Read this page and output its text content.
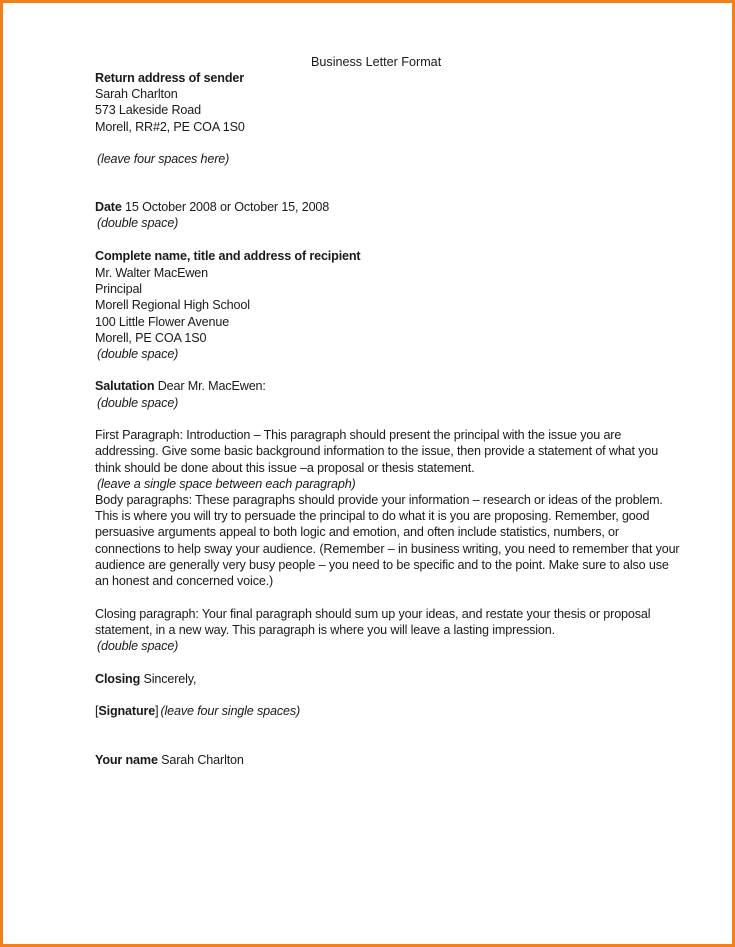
Business Letter Format
Return address of sender
Sarah Charlton
573 Lakeside Road
Morell, RR#2, PE COA 1S0
(leave four spaces here)
Date 15 October 2008 or October 15, 2008
(double space)
Complete name, title and address of recipient
Mr. Walter MacEwen
Principal
Morell Regional High School
100 Little Flower Avenue
Morell, PE COA 1S0
(double space)
Salutation Dear Mr. MacEwen:
(double space)
First Paragraph: Introduction – This paragraph should present the principal with the issue you are
addressing. Give some basic background information to the issue, then provide a statement of what you
think should be done about this issue –a proposal or thesis statement.
(leave a single space between each paragraph)
Body paragraphs: These paragraphs should provide your information – research or ideas of the problem.
This is where you will try to persuade the principal to do what it is you are proposing. Remember, good
persuasive arguments appeal to both logic and emotion, and often include statistics, numbers, or
connections to help sway your audience. (Remember – in business writing, you need to remember that your
audience are generally very busy people – you need to be specific and to the point. Make sure to also use
an honest and concerned voice.)
Closing paragraph: Your final paragraph should sum up your ideas, and restate your thesis or proposal
statement, in a new way. This paragraph is where you will leave a lasting impression.
(double space)
Closing Sincerely,
[Signature] (leave four single spaces)
Your name Sarah Charlton
